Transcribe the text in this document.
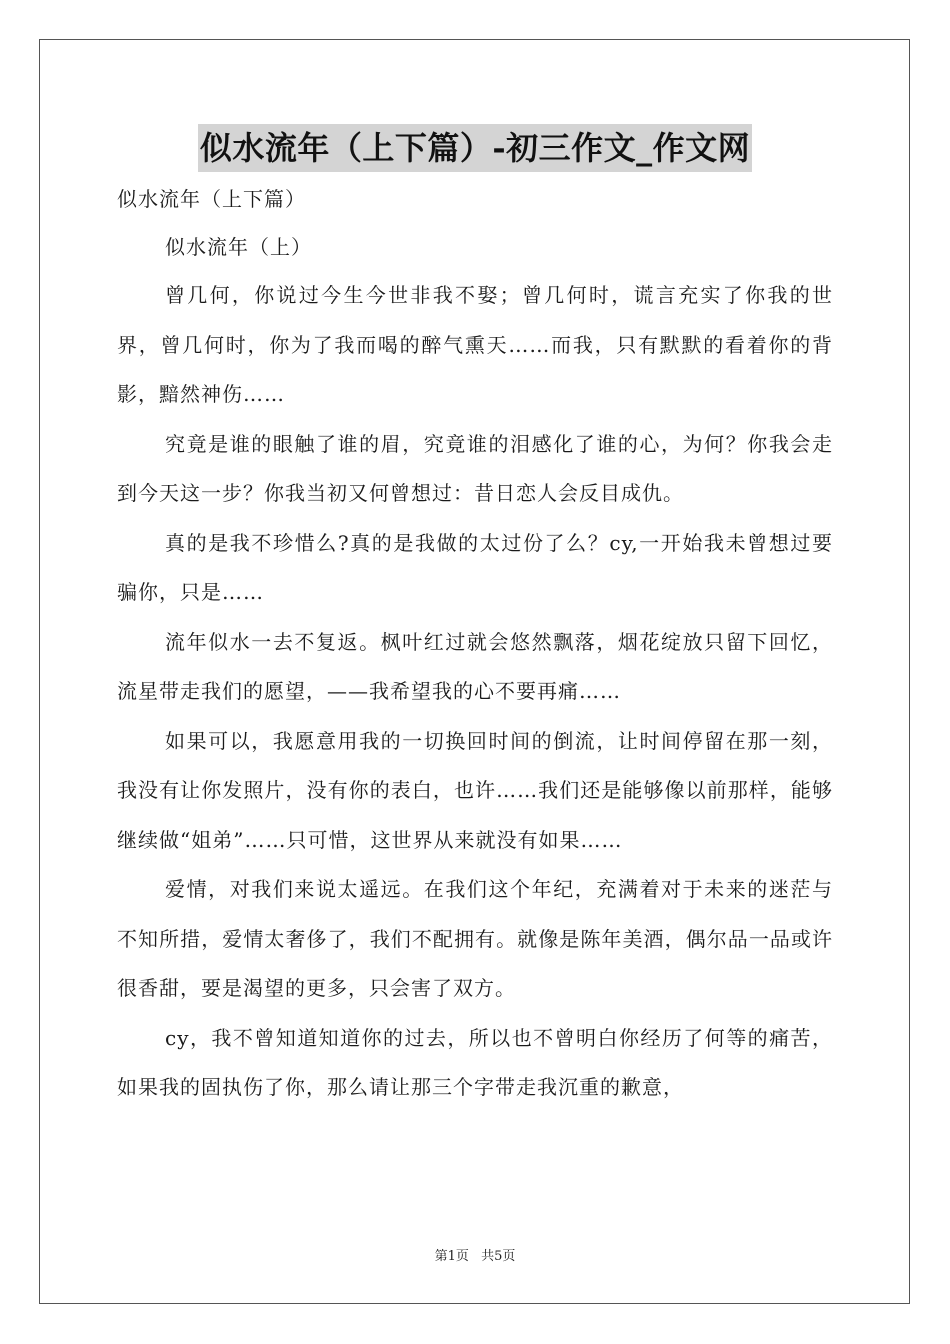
似水流年（上下篇）-初三作文_作文网

似水流年（上下篇）

似水流年（上）

曾几何，你说过今生今世非我不娶；曾几何时，谎言充实了你我的世界，曾几何时，你为了我而喝的醉气熏天……而我，只有默默的看着你的背影，黯然神伤……

究竟是谁的眼触了谁的眉，究竟谁的泪感化了谁的心，为何？你我会走到今天这一步？你我当初又何曾想过：昔日恋人会反目成仇。

真的是我不珍惜么?真的是我做的太过份了么？cy,一开始我未曾想过要骗你，只是……

流年似水一去不复返。枫叶红过就会悠然飘落，烟花绽放只留下回忆，流星带走我们的愿望，——我希望我的心不要再痛……

如果可以，我愿意用我的一切换回时间的倒流，让时间停留在那一刻，我没有让你发照片，没有你的表白，也许……我们还是能够像以前那样，能够继续做“姐弟”……只可惜，这世界从来就没有如果……

爱情，对我们来说太遥远。在我们这个年纪，充满着对于未来的迷茫与不知所措，爱情太奢侈了，我们不配拥有。就像是陈年美酒，偶尔品一品或许很香甜，要是渴望的更多，只会害了双方。

cy，我不曾知道知道你的过去，所以也不曾明白你经历了何等的痛苦，如果我的固执伤了你，那么请让那三个字带走我沉重的歉意，

第1页 共5页
